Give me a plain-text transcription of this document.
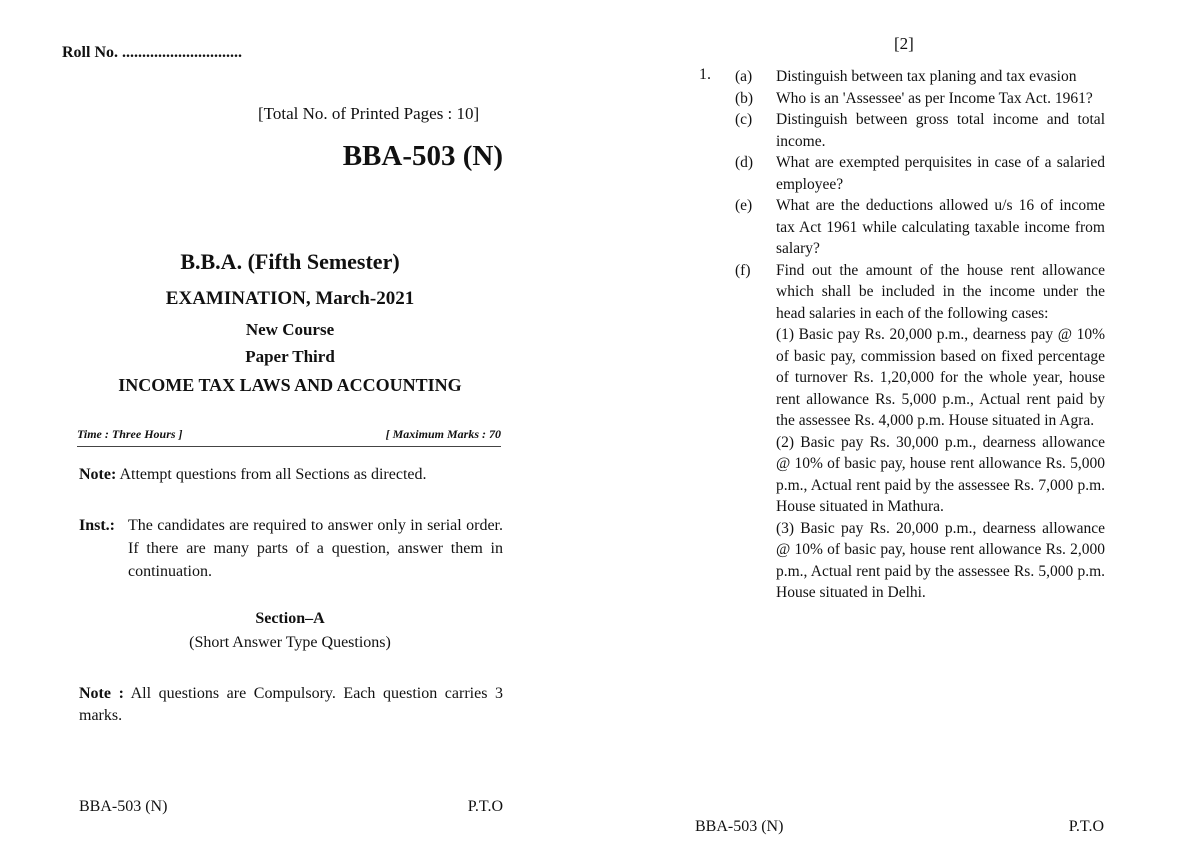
Roll No. ..............................
[Total No. of Printed Pages : 10]
BBA-503 (N)
B.B.A. (Fifth Semester)
EXAMINATION, March-2021
New Course
Paper Third
INCOME TAX LAWS AND ACCOUNTING
Time : Three Hours ]	[ Maximum Marks : 70
Note: Attempt questions from all Sections as directed.
Inst.: The candidates are required to answer only in serial order. If there are many parts of a question, answer them in continuation.
Section–A
(Short Answer Type Questions)
Note : All questions are Compulsory. Each question carries 3 marks.
BBA-503 (N)	P.T.O
[2]
1. (a)	Distinguish between tax planing and tax evasion
(b)	Who is an 'Assessee' as per Income Tax Act. 1961?
(c)	Distinguish between gross total income and total income.
(d)	What are exempted perquisites in case of a salaried employee?
(e)	What are the deductions allowed u/s 16 of income tax Act 1961 while calculating taxable income from salary?
(f)	Find out the amount of the house rent allowance which shall be included in the income under the head salaries in each of the following cases:
(1) Basic pay Rs. 20,000 p.m., dearness pay @ 10% of basic pay, commission based on fixed percentage of turnover Rs. 1,20,000 for the whole year, house rent allowance Rs. 5,000 p.m., Actual rent paid by the assessee Rs. 4,000 p.m. House situated in Agra.
(2) Basic pay Rs. 30,000 p.m., dearness allowance @ 10% of basic pay, house rent allowance Rs. 5,000 p.m., Actual rent paid by the assessee Rs. 7,000 p.m. House situated in Mathura.
(3) Basic pay Rs. 20,000 p.m., dearness allowance @ 10% of basic pay, house rent allowance Rs. 2,000 p.m., Actual rent paid by the assessee Rs. 5,000 p.m. House situated in Delhi.
BBA-503 (N)	P.T.O
